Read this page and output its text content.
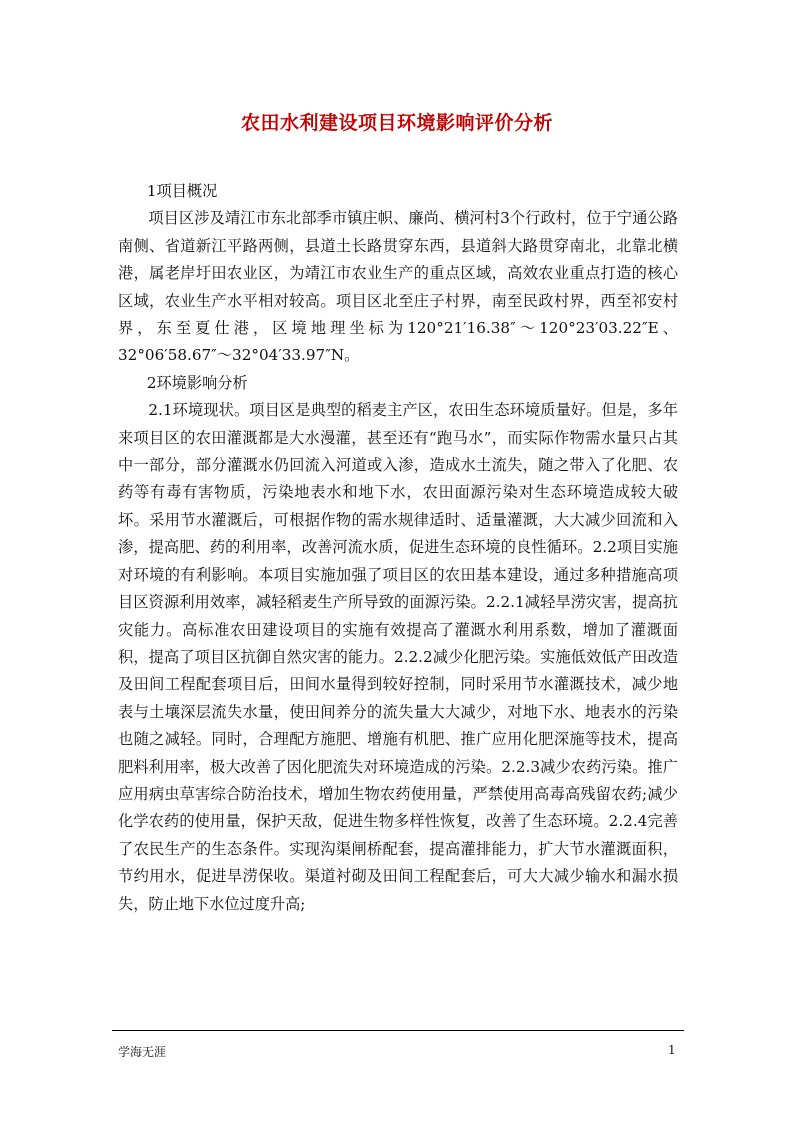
农田水利建设项目环境影响评价分析

1项目概况

项目区涉及靖江市东北部季市镇庄帜、廉尚、横河村3个行政村，位于宁通公路南侧、省道新江平路两侧，县道土长路贯穿东西，县道斜大路贯穿南北，北靠北横港，属老岸圩田农业区，为靖江市农业生产的重点区域，高效农业重点打造的核心区域，农业生产水平相对较高。项目区北至庄子村界，南至民政村界，西至祁安村界，东至夏仕港，区境地理坐标为120°21′16.38″～120°23′03.22″E、32°06′58.67″～32°04′33.97″N。

2环境影响分析

2.1环境现状。项目区是典型的稻麦主产区，农田生态环境质量好。但是，多年来项目区的农田灌溉都是大水漫灌，甚至还有“跑马水”，而实际作物需水量只占其中一部分，部分灌溉水仍回流入河道或入渗，造成水土流失，随之带入了化肥、农药等有毒有害物质，污染地表水和地下水，农田面源污染对生态环境造成较大破坏。采用节水灌溉后，可根据作物的需水规律适时、适量灌溉，大大减少回流和入渗，提高肥、药的利用率，改善河流水质，促进生态环境的良性循环。2.2项目实施对环境的有利影响。本项目实施加强了项目区的农田基本建设，通过多种措施高项目区资源利用效率，减轻稻麦生产所导致的面源污染。2.2.1减轻旱涝灾害，提高抗灾能力。高标准农田建设项目的实施有效提高了灌溉水利用系数，增加了灌溉面积，提高了项目区抗御自然灾害的能力。2.2.2减少化肥污染。实施低效低产田改造及田间工程配套项目后，田间水量得到较好控制，同时采用节水灌溉技术，减少地表与土壤深层流失水量，使田间养分的流失量大大减少，对地下水、地表水的污染也随之减轻。同时，合理配方施肥、增施有机肥、推广应用化肥深施等技术，提高肥料利用率，极大改善了因化肥流失对环境造成的污染。2.2.3减少农药污染。推广应用病虫草害综合防治技术，增加生物农药使用量，严禁使用高毒高残留农药;减少化学农药的使用量，保护天敌，促进生物多样性恢复，改善了生态环境。2.2.4完善了农民生产的生态条件。实现沟渠闸桥配套，提高灌排能力，扩大节水灌溉面积，节约用水，促进旱涝保收。渠道衬砌及田间工程配套后，可大大减少输水和漏水损失，防止地下水位过度升高;

学海无涯	1
